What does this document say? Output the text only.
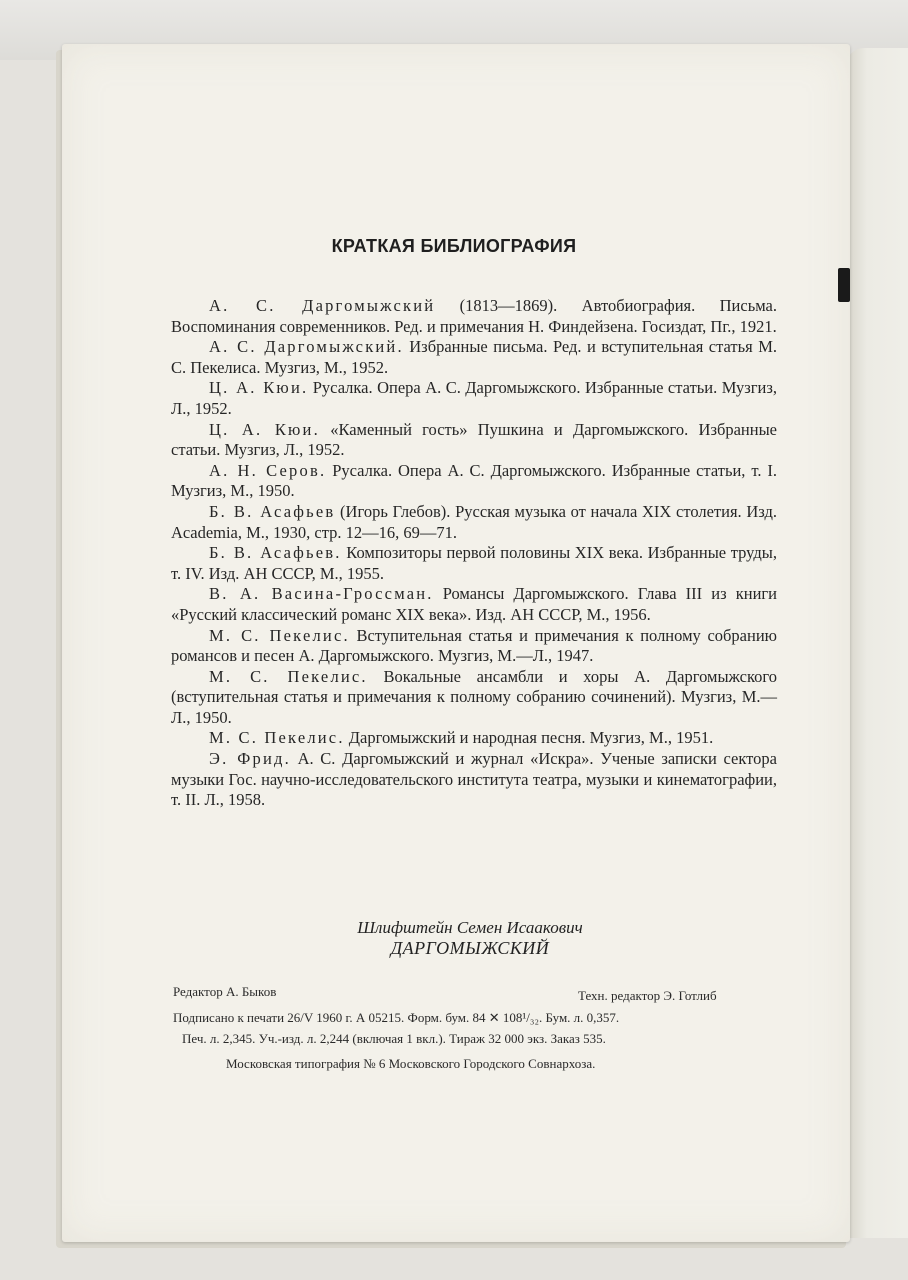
КРАТКАЯ БИБЛИОГРАФИЯ

А. С. Даргомыжский (1813—1869). Автобиография. Письма. Воспоминания современников. Ред. и примечания Н. Финдейзена. Госиздат, Пг., 1921.

А. С. Даргомыжский. Избранные письма. Ред. и вступительная статья М. С. Пекелиса. Музгиз, М., 1952.

Ц. А. Кюи. Русалка. Опера А. С. Даргомыжского. Избранные статьи. Музгиз, Л., 1952.

Ц. А. Кюи. «Каменный гость» Пушкина и Даргомыжского. Избранные статьи. Музгиз, Л., 1952.

А. Н. Серов. Русалка. Опера А. С. Даргомыжского. Избранные статьи, т. I. Музгиз, М., 1950.

Б. В. Асафьев (Игорь Глебов). Русская музыка от начала XIX столетия. Изд. Academia, М., 1930, стр. 12—16, 69—71.

Б. В. Асафьев. Композиторы первой половины XIX века. Избранные труды, т. IV. Изд. АН СССР, М., 1955.

В. А. Васина-Гроссман. Романсы Даргомыжского. Глава III из книги «Русский классический романс XIX века». Изд. АН СССР, М., 1956.

М. С. Пекелис. Вступительная статья и примечания к полному собранию романсов и песен А. Даргомыжского. Музгиз, М.—Л., 1947.

М. С. Пекелис. Вокальные ансамбли и хоры А. Даргомыжского (вступительная статья и примечания к полному собранию сочинений). Музгиз, М.—Л., 1950.

М. С. Пекелис. Даргомыжский и народная песня. Музгиз, М., 1951.

Э. Фрид. А. С. Даргомыжский и журнал «Искра». Ученые записки сектора музыки Гос. научно-исследовательского института театра, музыки и кинематографии, т. II. Л., 1958.

Шлифштейн Семен Исаакович
ДАРГОМЫЖСКИЙ
Редактор А. Быков	Техн. редактор Э. Готлиб
Подписано к печати 26/V 1960 г. А 05215. Форм. бум. 84 ✕ 108¹/₃₂. Бум. л. 0,357.
Печ. л. 2,345. Уч.-изд. л. 2,244 (включая 1 вкл.). Тираж 32 000 экз. Заказ 535.
Московская типография № 6 Московского Городского Совнархоза.
